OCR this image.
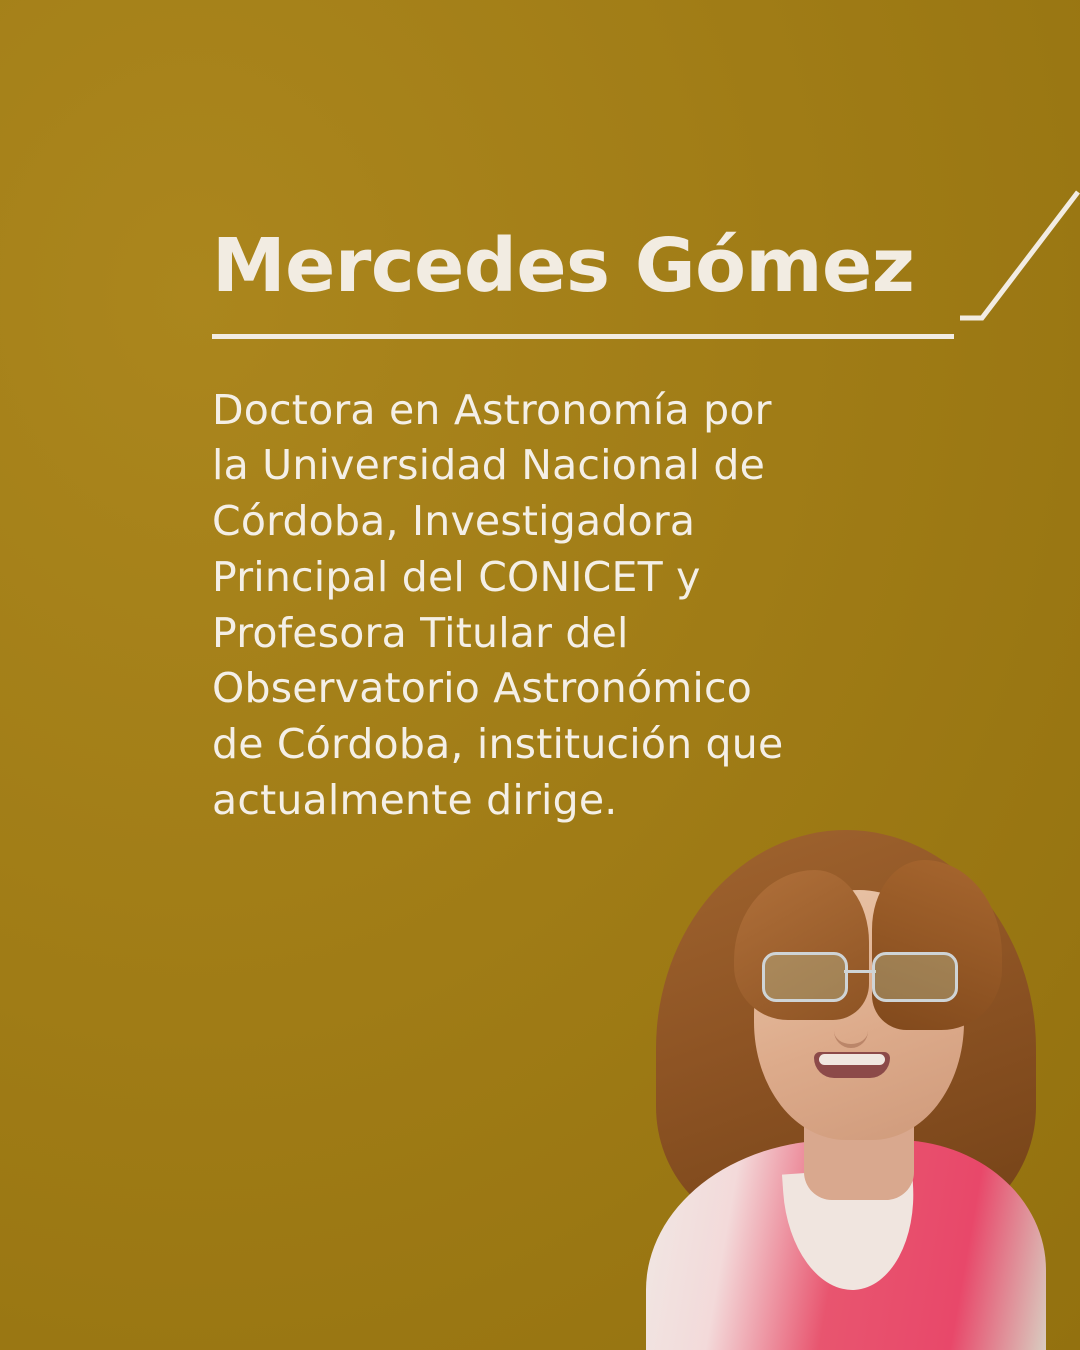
Mercedes Gómez

Doctora en Astronomía por la Universidad Nacional de Córdoba, Investigadora Principal del CONICET y Profesora Titular del Observatorio Astronómico de Córdoba, institución que actualmente dirige.
